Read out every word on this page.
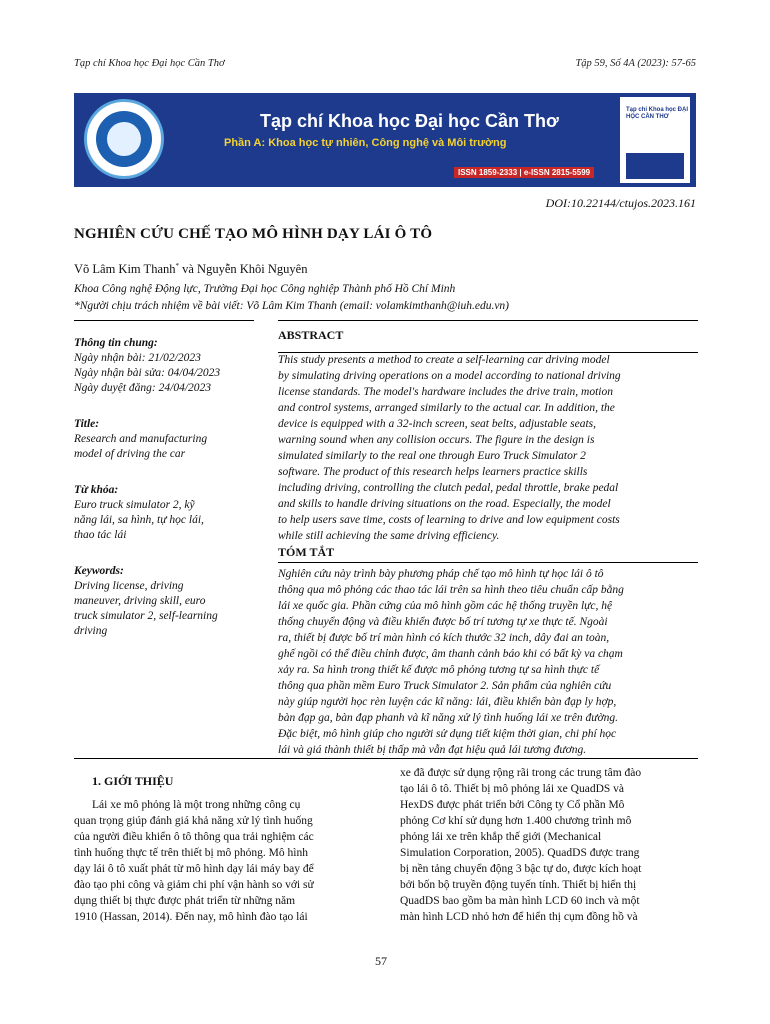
Tạp chí Khoa học Đại học Cần Thơ	Tập 59, Số 4A (2023): 57-65
Tạp chí Khoa học Đại học Cần Thơ
Phần A: Khoa học tự nhiên, Công nghệ và Môi trường
ISSN 1859-2333 | e-ISSN 2815-5599
Tạp chí Khoa học ĐẠI HỌC CẦN THƠ
DOI:10.22144/ctujos.2023.161
NGHIÊN CỨU CHẾ TẠO MÔ HÌNH DẠY LÁI Ô TÔ
Võ Lâm Kim Thanh* và Nguyễn Khôi Nguyên
Khoa Công nghệ Động lực, Trường Đại học Công nghiệp Thành phố Hồ Chí Minh
*Người chịu trách nhiệm về bài viết: Võ Lâm Kim Thanh (email: volamkimthanh@iuh.edu.vn)
Thông tin chung:
Ngày nhận bài: 21/02/2023
Ngày nhận bài sửa: 04/04/2023
Ngày duyệt đăng: 24/04/2023
Title:
Research and manufacturing
model of driving the car
Từ khóa:
Euro truck simulator 2, kỹ
năng lái, sa hình, tự học lái,
thao tác lái
Keywords:
Driving license, driving
maneuver, driving skill, euro
truck simulator 2, self-learning
driving
ABSTRACT
This study presents a method to create a self-learning car driving model
by simulating driving operations on a model according to national driving
license standards. The model's hardware includes the drive train, motion
and control systems, arranged similarly to the actual car. In addition, the
device is equipped with a 32-inch screen, seat belts, adjustable seats,
warning sound when any collision occurs. The figure in the design is
simulated similarly to the real one through Euro Truck Simulator 2
software. The product of this research helps learners practice skills
including driving, controlling the clutch pedal, pedal throttle, brake pedal
and skills to handle driving situations on the road. Especially, the model
to help users save time, costs of learning to drive and low equipment costs
while still achieving the same driving efficiency.
TÓM TẮT
Nghiên cứu này trình bày phương pháp chế tạo mô hình tự học lái ô tô
thông qua mô phỏng các thao tác lái trên sa hình theo tiêu chuẩn cấp bằng
lái xe quốc gia. Phần cứng của mô hình gồm các hệ thống truyền lực, hệ
thống chuyển động và điều khiển được bố trí tương tự xe thực tế. Ngoài
ra, thiết bị được bố trí màn hình có kích thước 32 inch, dây đai an toàn,
ghế ngồi có thể điều chỉnh được, âm thanh cảnh báo khi có bất kỳ va chạm
xảy ra. Sa hình trong thiết kế được mô phỏng tương tự sa hình thực tế
thông qua phần mềm Euro Truck Simulator 2. Sản phẩm của nghiên cứu
này giúp người học rèn luyện các kĩ năng: lái, điều khiển bàn đạp ly hợp,
bàn đạp ga, bàn đạp phanh và kĩ năng xử lý tình huống lái xe trên đường.
Đặc biệt, mô hình giúp cho người sử dụng tiết kiệm thời gian, chi phí học
lái và giá thành thiết bị thấp mà vẫn đạt hiệu quả lái tương đương.
1. GIỚI THIỆU
Lái xe mô phỏng là một trong những công cụ
quan trọng giúp đánh giá khả năng xử lý tình huống
của người điều khiển ô tô thông qua trải nghiệm các
tình huống thực tế trên thiết bị mô phỏng. Mô hình
dạy lái ô tô xuất phát từ mô hình dạy lái máy bay để
đào tạo phi công và giảm chi phí vận hành so với sử
dụng thiết bị thực được phát triển từ những năm
1910 (Hassan, 2014). Đến nay, mô hình đào tạo lái
xe đã được sử dụng rộng rãi trong các trung tâm đào
tạo lái ô tô. Thiết bị mô phỏng lái xe QuadDS và
HexDS được phát triển bởi Công ty Cổ phần Mô
phỏng Cơ khí sử dụng hơn 1.400 chương trình mô
phỏng lái xe trên khắp thế giới (Mechanical
Simulation Corporation, 2005). QuadDS được trang
bị nền tảng chuyển động 3 bậc tự do, được kích hoạt
bởi bốn bộ truyền động tuyến tính. Thiết bị hiển thị
QuadDS bao gồm ba màn hình LCD 60 inch và một
màn hình LCD nhỏ hơn để hiển thị cụm đồng hồ và
57
